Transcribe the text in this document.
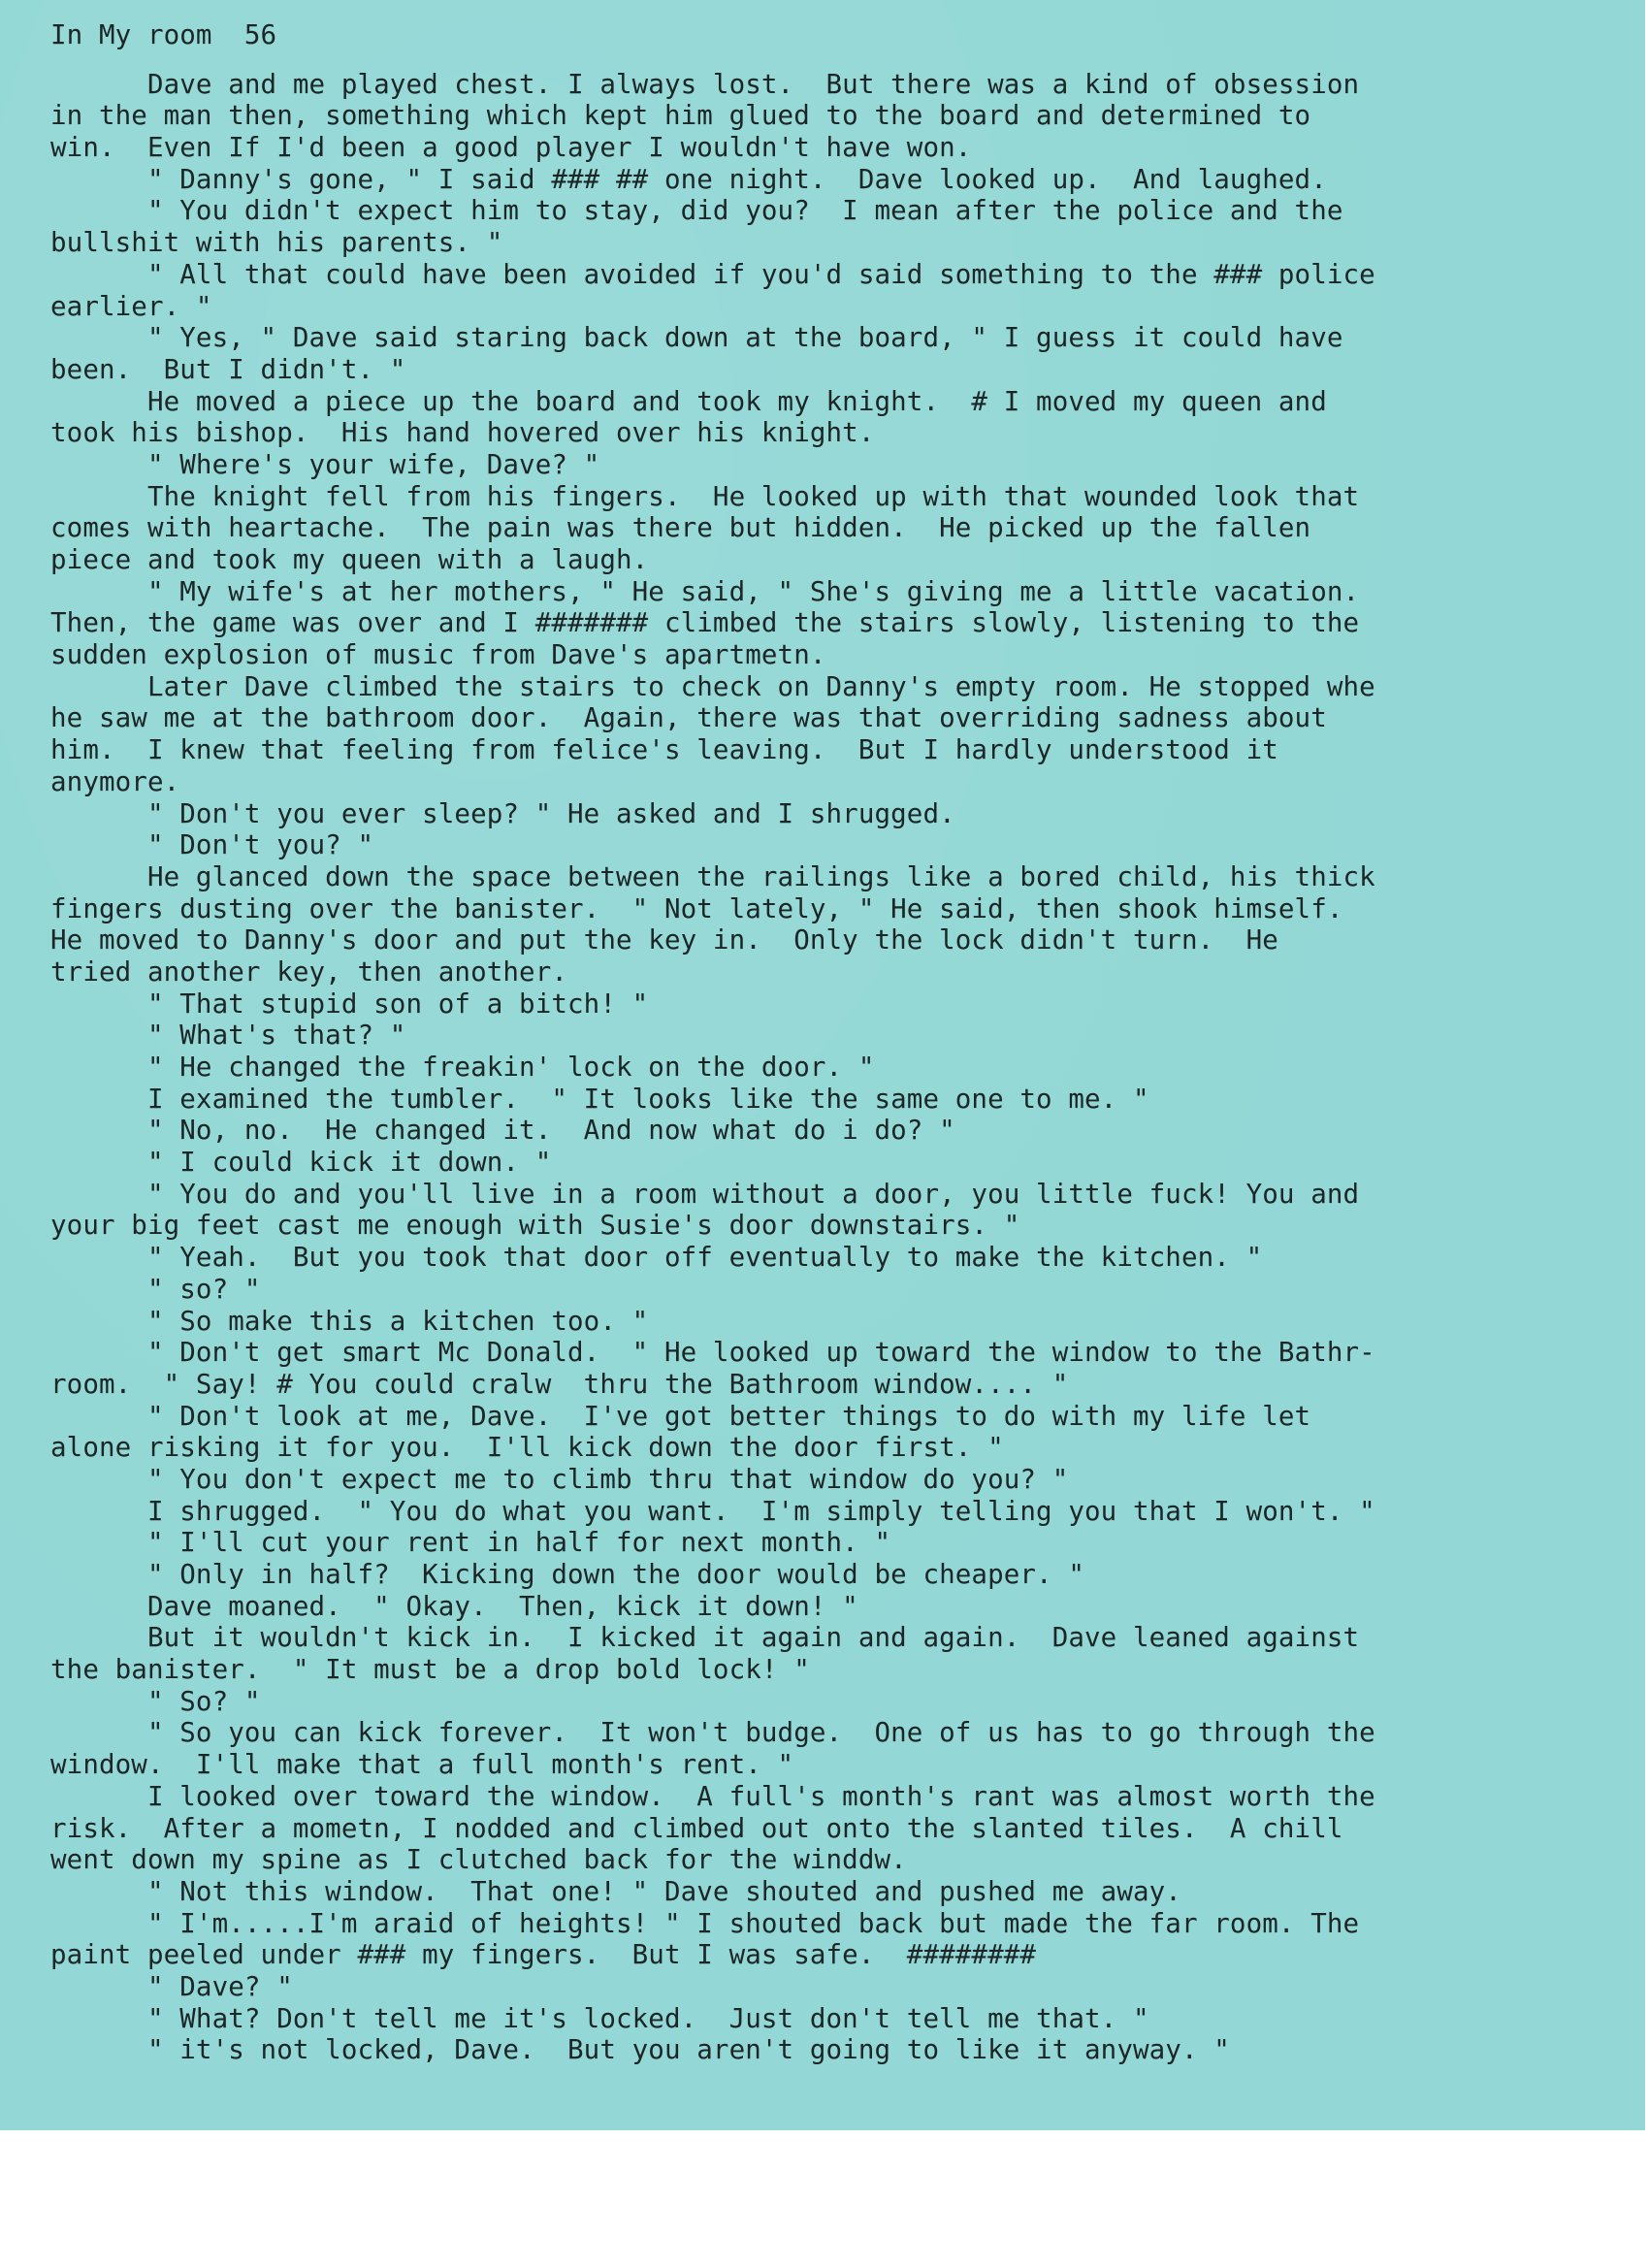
In My room  56
Dave and me played chest. I always lost.  But there was a kind of obsession
in the man then, something which kept him glued to the board and determined to
win.  Even If I'd been a good player I wouldn't have won.
" Danny's gone, " I said ### ## one night.  Dave looked up.  And laughed.
" You didn't expect him to stay, did you?  I mean after the police and the
bullshit with his parents. "
" All that could have been avoided if you'd said something to the ### police
earlier. "
" Yes, " Dave said staring back down at the board, " I guess it could have
been.  But I didn't. "
He moved a piece up the board and took my knight.  # I moved my queen and
took his bishop.  His hand hovered over his knight.
" Where's your wife, Dave? "
The knight fell from his fingers.  He looked up with that wounded look that
comes with heartache.  The pain was there but hidden.  He picked up the fallen
piece and took my queen with a laugh.
" My wife's at her mothers, " He said, " She's giving me a little vacation.
Then, the game was over and I ####### climbed the stairs slowly, listening to the
sudden explosion of music from Dave's apartmetn.
Later Dave climbed the stairs to check on Danny's empty room. He stopped whe
he saw me at the bathroom door.  Again, there was that overriding sadness about
him.  I knew that feeling from felice's leaving.  But I hardly understood it
anymore.
" Don't you ever sleep? " He asked and I shrugged.
" Don't you? "
He glanced down the space between the railings like a bored child, his thick
fingers dusting over the banister.  " Not lately, " He said, then shook himself.
He moved to Danny's door and put the key in.  Only the lock didn't turn.  He
tried another key, then another.
" That stupid son of a bitch! "
" What's that? "
" He changed the freakin' lock on the door. "
I examined the tumbler.  " It looks like the same one to me. "
" No, no.  He changed it.  And now what do i do? "
" I could kick it down. "
" You do and you'll live in a room without a door, you little fuck! You and
your big feet cast me enough with Susie's door downstairs. "
" Yeah.  But you took that door off eventually to make the kitchen. "
" so? "
" So make this a kitchen too. "
" Don't get smart Mc Donald.  " He looked up toward the window to the Bathr-
room.  " Say! # You could cralw  thru the Bathroom window.... "
" Don't look at me, Dave.  I've got better things to do with my life let
alone risking it for you.  I'll kick down the door first. "
" You don't expect me to climb thru that window do you? "
I shrugged.  " You do what you want.  I'm simply telling you that I won't. "
" I'll cut your rent in half for next month. "
" Only in half?  Kicking down the door would be cheaper. "
Dave moaned.  " Okay.  Then, kick it down! "
But it wouldn't kick in.  I kicked it again and again.  Dave leaned against
the banister.  " It must be a drop bold lock! "
" So? "
" So you can kick forever.  It won't budge.  One of us has to go through the
window.  I'll make that a full month's rent. "
I looked over toward the window.  A full's month's rant was almost worth the
risk.  After a mometn, I nodded and climbed out onto the slanted tiles.  A chill
went down my spine as I clutched back for the winddw.
" Not this window.  That one! " Dave shouted and pushed me away.
" I'm.....I'm araid of heights! " I shouted back but made the far room. The
paint peeled under ### my fingers.  But I was safe.  ########
" Dave? "
" What? Don't tell me it's locked.  Just don't tell me that. "
" it's not locked, Dave.  But you aren't going to like it anyway. "
